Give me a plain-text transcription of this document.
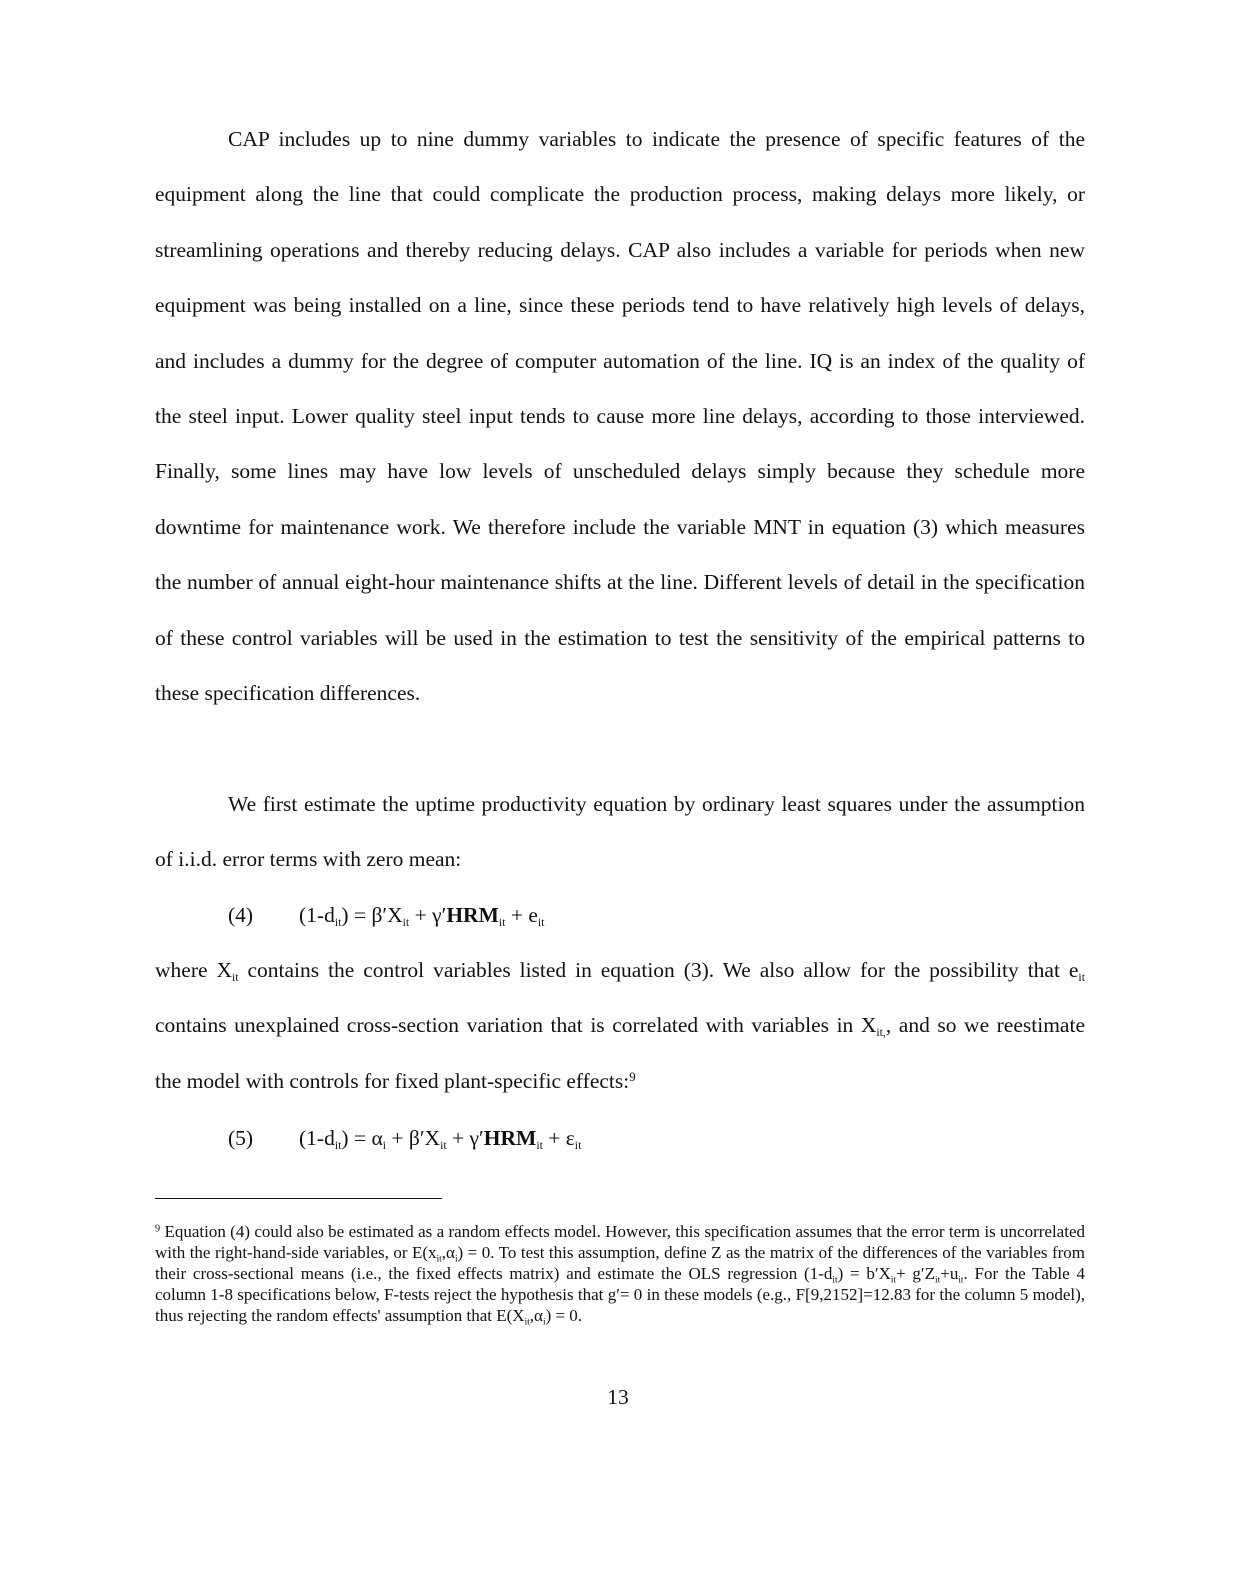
CAP includes up to nine dummy variables to indicate the presence of specific features of the equipment along the line that could complicate the production process, making delays more likely, or streamlining operations and thereby reducing delays. CAP also includes a variable for periods when new equipment was being installed on a line, since these periods tend to have relatively high levels of delays, and includes a dummy for the degree of computer automation of the line. IQ is an index of the quality of the steel input. Lower quality steel input tends to cause more line delays, according to those interviewed. Finally, some lines may have low levels of unscheduled delays simply because they schedule more downtime for maintenance work. We therefore include the variable MNT in equation (3) which measures the number of annual eight-hour maintenance shifts at the line. Different levels of detail in the specification of these control variables will be used in the estimation to test the sensitivity of the empirical patterns to these specification differences.

We first estimate the uptime productivity equation by ordinary least squares under the assumption of i.i.d. error terms with zero mean:

(4) $(1-d_{it}) = \beta'X_{it} + \gamma'HRM_{it} + e_{it}$

where $X_{it}$ contains the control variables listed in equation (3). We also allow for the possibility that $e_{it}$ contains unexplained cross-section variation that is correlated with variables in $X_{it,}$, and so we reestimate the model with controls for fixed plant-specific effects:$^9$

(5) $(1-d_{it}) = \alpha_i + \beta'X_{it} + \gamma'HRM_{it} + \varepsilon_{it}$

$^9$ Equation (4) could also be estimated as a random effects model. However, this specification assumes that the error term is uncorrelated with the right-hand-side variables, or $E(x_{it},\alpha_i) = 0$. To test this assumption, define Z as the matrix of the differences of the variables from their cross-sectional means (i.e., the fixed effects matrix) and estimate the OLS regression $(1-d_{it}) = b'X_{it}+ g'Z_{it}+u_{it}$. For the Table 4 column 1-8 specifications below, F-tests reject the hypothesis that g′= 0 in these models (e.g., F[9,2152]=12.83 for the column 5 model), thus rejecting the random effects' assumption that $E(X_{it},\alpha_i) = 0$.

13
